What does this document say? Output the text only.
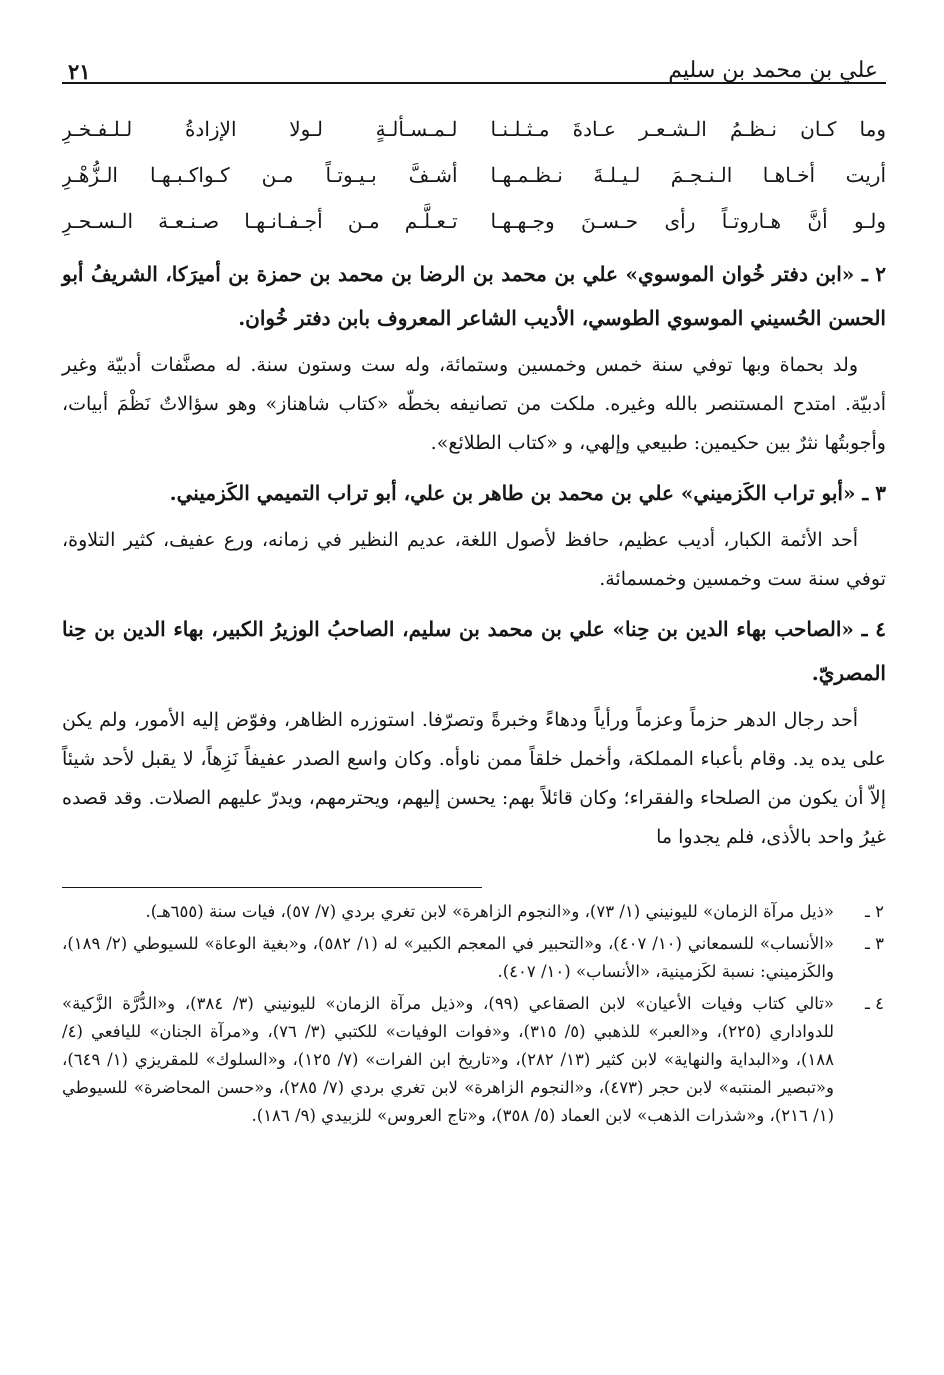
علي بن محمد بن سليم
٢١
وما كـان نـظـمُ الـشـعـر عـادةَ مـثـلـنـا
لـمـسـألـةٍ لـولا الإزادةُ لـلـفـخـرِ
أريت أخـاهـا الـنـجـمَ لـيـلـةَ نـظـمـهـا
أشـفَّ بـيـوتـاً مـن كـواكـبـهـا الـزُّهْـرِ
ولـو أنَّ هـاروتـاً رأى حـسـنَ وجـهـهـا
تـعـلَّـم مـن أجـفـانـهـا صـنـعـة الـسـحـرِ
٢ ـ «ابن دفتر خُوان الموسوي» علي بن محمد بن الرضا بن محمد بن حمزة بن أميرَكا، الشريفُ أبو الحسن الحُسيني الموسوي الطوسي، الأديب الشاعر المعروف بابن دفتر خُوان.
ولد بحماة وبها توفي سنة خمس وخمسين وستمائة، وله ست وستون سنة. له مصنَّفات أدبيّة وغير أدبيّة. امتدح المستنصر بالله وغيره. ملكت من تصانيفه بخطّه «كتاب شاهناز» وهو سؤالاتٌ نَظْمَ أبيات، وأجوبتُها نثرٌ بين حكيمين: طبيعي وإلهي، و «كتاب الطلائع».
٣ ـ «أبو تراب الكَزميني» علي بن محمد بن طاهر بن علي، أبو تراب التميمي الكَزميني.
أحد الأئمة الكبار، أديب عظيم، حافظ لأصول اللغة، عديم النظير في زمانه، ورع عفيف، كثير التلاوة، توفي سنة ست وخمسين وخمسمائة.
٤ ـ «الصاحب بهاء الدين بن حِنا» علي بن محمد بن سليم، الصاحبُ الوزيرُ الكبير، بهاء الدين بن حِنا المصريّ.
أحد رجال الدهر حزماً وعزماً ورأياً ودهاءً وخبرةً وتصرّفا. استوزره الظاهر، وفوّض إليه الأمور، ولم يكن على يده يد. وقام بأعباء المملكة، وأخمل خلقاً ممن ناوأه. وكان واسع الصدر عفيفاً نَزِهاً، لا يقبل لأحد شيئاً إلاّ أن يكون من الصلحاء والفقراء؛ وكان قائلاً بهم: يحسن إليهم، ويحترمهم، ويدرّ عليهم الصلات. وقد قصده غيرُ واحد بالأذى، فلم يجدوا ما
٢ ـ
«ذيل مرآة الزمان» لليونيني (١/ ٧٣)، و«النجوم الزاهرة» لابن تغري بردي (٧/ ٥٧)، فيات سنة (٦٥٥هـ).
٣ ـ
«الأنساب» للسمعاني (١٠/ ٤٠٧)، و«التحبير في المعجم الكبير» له (١/ ٥٨٢)، و«بغية الوعاة» للسيوطي (٢/ ١٨٩)، والكَزميني: نسبة لكَزمينية، «الأنساب» (١٠/ ٤٠٧).
٤ ـ
«تالي كتاب وفيات الأعيان» لابن الصقاعي (٩٩)، و«ذيل مرآة الزمان» لليونيني (٣/ ٣٨٤)، و«الدُّرَّة الزَّكية» للدواداري (٢٢٥)، و«العبر» للذهبي (٥/ ٣١٥)، و«فوات الوفيات» للكتبي (٣/ ٧٦)، و«مرآة الجنان» لليافعي (٤/ ١٨٨)، و«البداية والنهاية» لابن كثير (١٣/ ٢٨٢)، و«تاريخ ابن الفرات» (٧/ ١٢٥)، و«السلوك» للمقريزي (١/ ٦٤٩)، و«تبصير المنتبه» لابن حجر (٤٧٣)، و«النجوم الزاهرة» لابن تغري بردي (٧/ ٢٨٥)، و«حسن المحاضرة» للسيوطي (١/ ٢١٦)، و«شذرات الذهب» لابن العماد (٥/ ٣٥٨)، و«تاج العروس» للزبيدي (٩/ ١٨٦).
